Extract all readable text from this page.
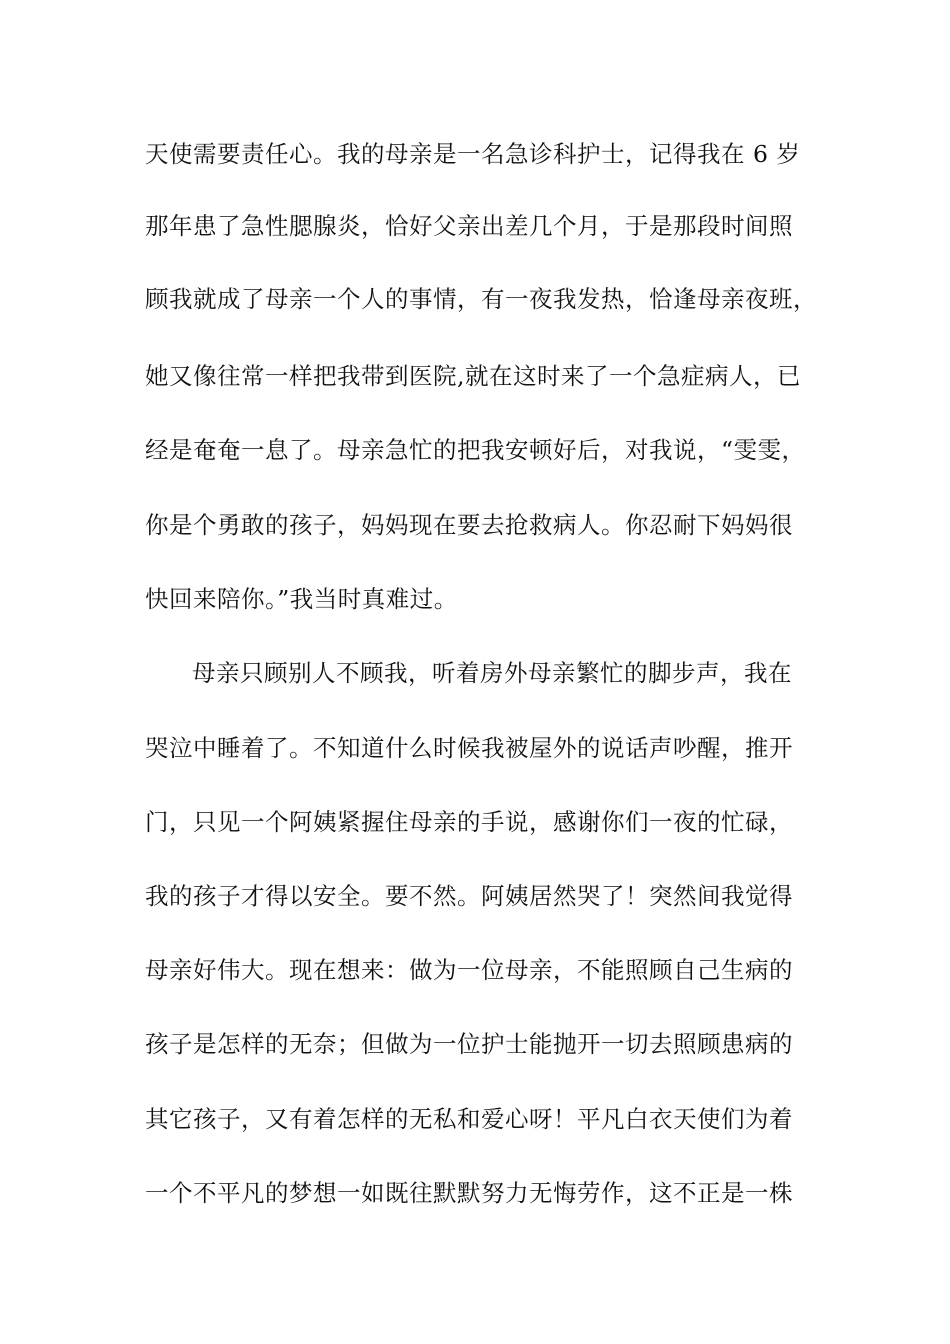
天使需要责任心。我的母亲是一名急诊科护士，记得我在 6 岁
那年患了急性腮腺炎，恰好父亲出差几个月，于是那段时间照
顾我就成了母亲一个人的事情，有一夜我发热，恰逢母亲夜班，
她又像往常一样把我带到医院,就在这时来了一个急症病人，已
经是奄奄一息了。母亲急忙的把我安顿好后，对我说，“雯雯，
你是个勇敢的孩子，妈妈现在要去抢救病人。你忍耐下妈妈很
快回来陪你。”我当时真难过。
母亲只顾别人不顾我，听着房外母亲繁忙的脚步声，我在
哭泣中睡着了。不知道什么时候我被屋外的说话声吵醒，推开
门，只见一个阿姨紧握住母亲的手说，感谢你们一夜的忙碌，
我的孩子才得以安全。要不然。阿姨居然哭了！突然间我觉得
母亲好伟大。现在想来：做为一位母亲，不能照顾自己生病的
孩子是怎样的无奈；但做为一位护士能抛开一切去照顾患病的
其它孩子，又有着怎样的无私和爱心呀！平凡白衣天使们为着
一个不平凡的梦想一如既往默默努力无悔劳作，这不正是一株
